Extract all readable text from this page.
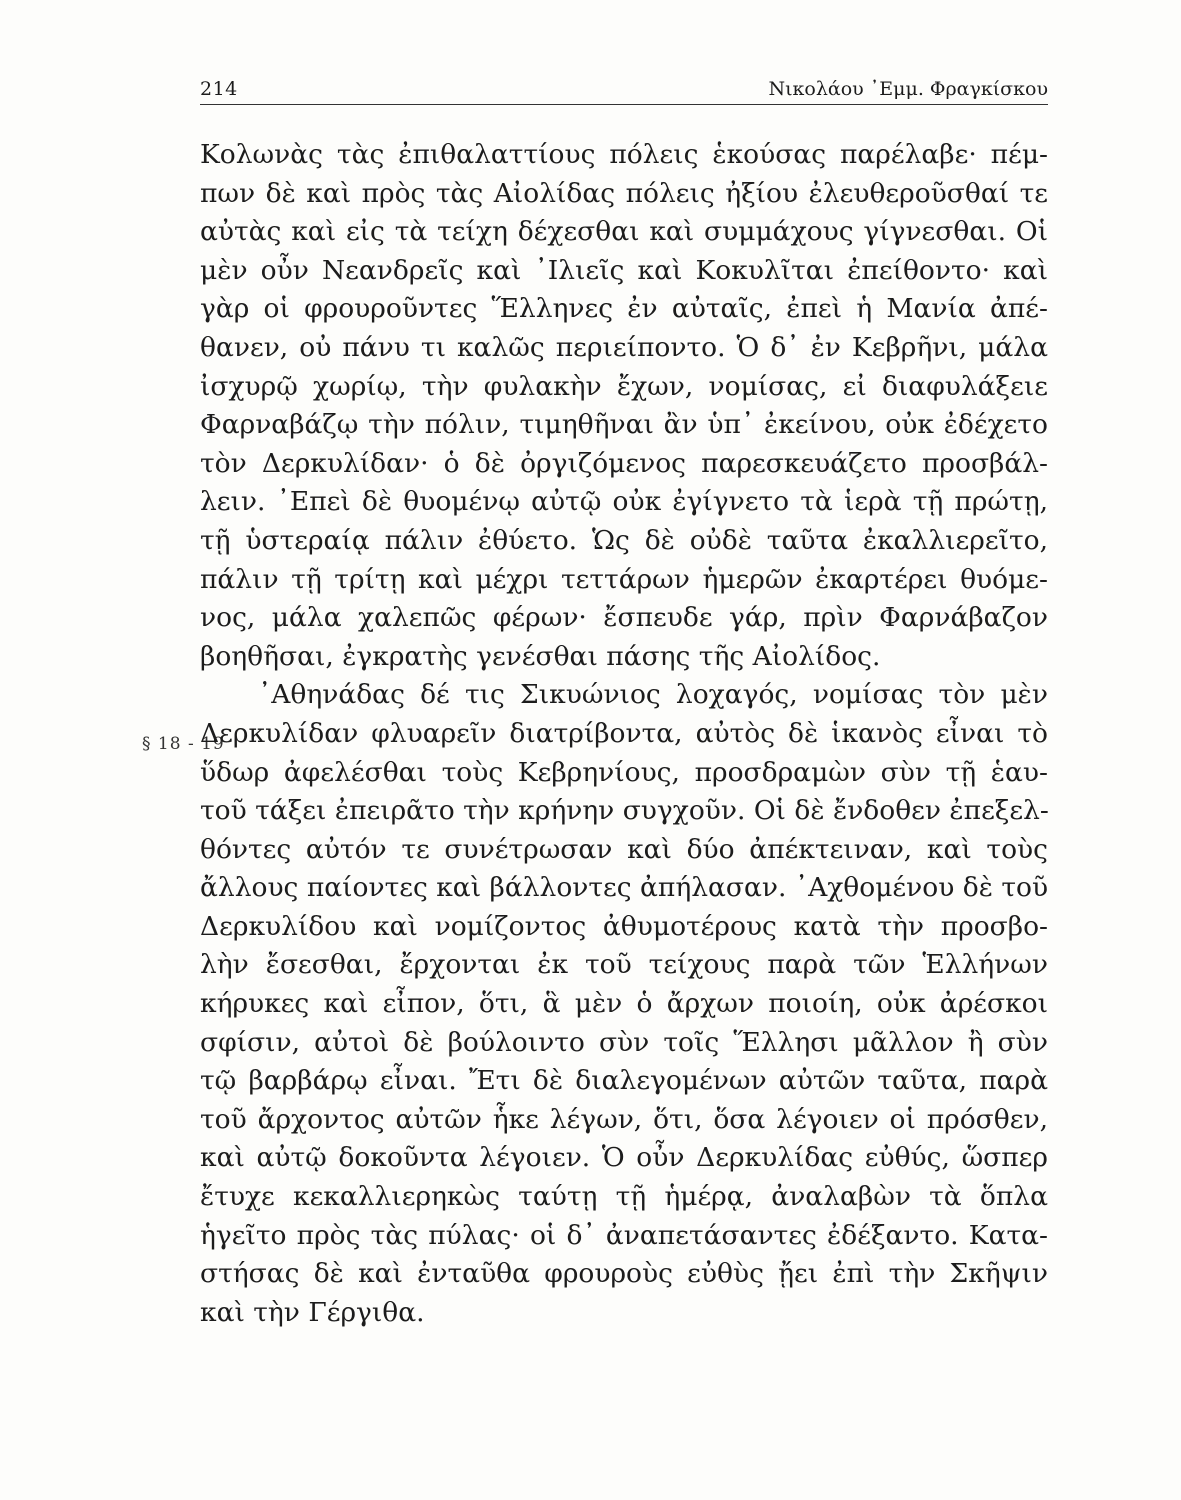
214	Νικολάου ᾿Εμμ. Φραγκίσκου
§ 18 - 19
Κολωνὰς τὰς ἐπιθαλαττίους πόλεις ἑκούσας παρέλαβε· πέμ-
πων δὲ καὶ πρὸς τὰς Αἰολίδας πόλεις ἠξίου ἐλευθεροῦσθαί τε
αὐτὰς καὶ εἰς τὰ τείχη δέχεσθαι καὶ συμμάχους γίγνεσθαι. Οἱ
μὲν οὖν Νεανδρεῖς καὶ ᾿Ιλιεῖς καὶ Κοκυλῖται ἐπείθοντο· καὶ
γὰρ οἱ φρουροῦντες Ἕλληνες ἐν αὐταῖς, ἐπεὶ ἡ Μανία ἀπέ-
θανεν, οὐ πάνυ τι καλῶς περιείποντο. Ὁ δ᾿ ἐν Κεβρῆνι, μάλα
ἰσχυρῷ χωρίῳ, τὴν φυλακὴν ἔχων, νομίσας, εἰ διαφυλάξειε
Φαρναβάζῳ τὴν πόλιν, τιμηθῆναι ἂν ὑπ᾿ ἐκείνου, οὐκ ἐδέχετο
τὸν Δερκυλίδαν· ὁ δὲ ὀργιζόμενος παρεσκευάζετο προσβάλ-
λειν. ᾿Επεὶ δὲ θυομένῳ αὐτῷ οὐκ ἐγίγνετο τὰ ἱερὰ τῇ πρώτῃ,
τῇ ὑστεραίᾳ πάλιν ἐθύετο. Ὡς δὲ οὐδὲ ταῦτα ἐκαλλιερεῖτο,
πάλιν τῇ τρίτῃ καὶ μέχρι τεττάρων ἡμερῶν ἐκαρτέρει θυόμε-
νος, μάλα χαλεπῶς φέρων· ἔσπευδε γάρ, πρὶν Φαρνάβαζον
βοηθῆσαι, ἐγκρατὴς γενέσθαι πάσης τῆς Αἰολίδος.
᾿Αθηνάδας δέ τις Σικυώνιος λοχαγός, νομίσας τὸν μὲν
Δερκυλίδαν φλυαρεῖν διατρίβοντα, αὐτὸς δὲ ἱκανὸς εἶναι τὸ
ὕδωρ ἀφελέσθαι τοὺς Κεβρηνίους, προσδραμὼν σὺν τῇ ἑαυ-
τοῦ τάξει ἐπειρᾶτο τὴν κρήνην συγχοῦν. Οἱ δὲ ἔνδοθεν ἐπεξελ-
θόντες αὐτόν τε συνέτρωσαν καὶ δύο ἀπέκτειναν, καὶ τοὺς
ἄλλους παίοντες καὶ βάλλοντες ἀπήλασαν. ᾿Αχθομένου δὲ τοῦ
Δερκυλίδου καὶ νομίζοντος ἀθυμοτέρους κατὰ τὴν προσβο-
λὴν ἔσεσθαι, ἔρχονται ἐκ τοῦ τείχους παρὰ τῶν Ἑλλήνων
κήρυκες καὶ εἶπον, ὅτι, ἃ μὲν ὁ ἄρχων ποιοίη, οὐκ ἀρέσκοι
σφίσιν, αὐτοὶ δὲ βούλοιντο σὺν τοῖς Ἕλλησι μᾶλλον ἢ σὺν
τῷ βαρβάρῳ εἶναι. Ἔτι δὲ διαλεγομένων αὐτῶν ταῦτα, παρὰ
τοῦ ἄρχοντος αὐτῶν ἧκε λέγων, ὅτι, ὅσα λέγοιεν οἱ πρόσθεν,
καὶ αὐτῷ δοκοῦντα λέγοιεν. Ὁ οὖν Δερκυλίδας εὐθύς, ὥσπερ
ἔτυχε κεκαλλιερηκὼς ταύτῃ τῇ ἡμέρᾳ, ἀναλαβὼν τὰ ὅπλα
ἡγεῖτο πρὸς τὰς πύλας· οἱ δ᾿ ἀναπετάσαντες ἐδέξαντο. Κατα-
στήσας δὲ καὶ ἐνταῦθα φρουροὺς εὐθὺς ᾔει ἐπὶ τὴν Σκῆψιν
καὶ τὴν Γέργιθα.
